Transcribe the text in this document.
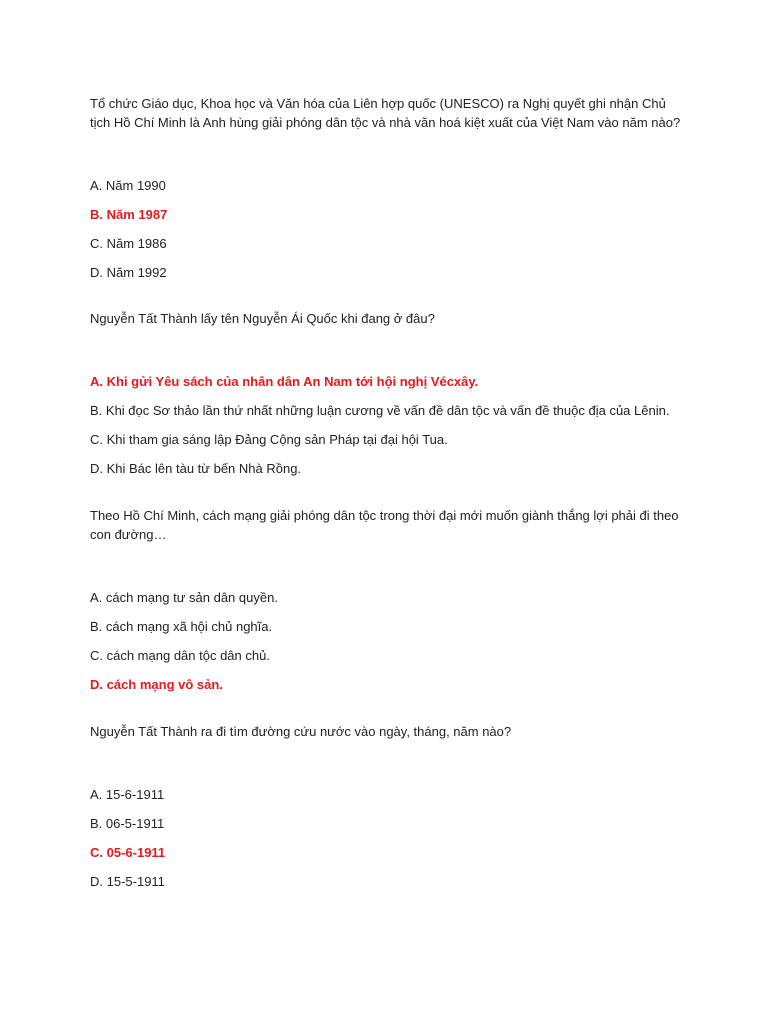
Tổ chức Giáo dục, Khoa học và Văn hóa của Liên hợp quốc (UNESCO) ra Nghị quyết ghi nhận Chủ tịch Hồ Chí Minh là Anh hùng giải phóng dân tộc và nhà văn hoá kiệt xuất của Việt Nam vào năm nào?

A. Năm 1990
B. Năm 1987
C. Năm 1986
D. Năm 1992

Nguyễn Tất Thành lấy tên Nguyễn Ái Quốc khi đang ở đâu?

A. Khi gửi Yêu sách của nhân dân An Nam tới hội nghị Vécxây.
B. Khi đọc Sơ thảo lần thứ nhất những luận cương về vấn đề dân tộc và vấn đề thuộc địa của Lênin.
C. Khi tham gia sáng lập Đảng Cộng sản Pháp tại đại hội Tua.
D. Khi Bác lên tàu từ bến Nhà Rồng.

Theo Hồ Chí Minh, cách mạng giải phóng dân tộc trong thời đại mới muốn giành thắng lợi phải đi theo con đường…

A. cách mạng tư sản dân quyền.
B. cách mạng xã hội chủ nghĩa.
C. cách mạng dân tộc dân chủ.
D. cách mạng vô sản.

Nguyễn Tất Thành ra đi tìm đường cứu nước vào ngày, tháng, năm nào?

A. 15-6-1911
B. 06-5-1911
C. 05-6-1911
D. 15-5-1911
